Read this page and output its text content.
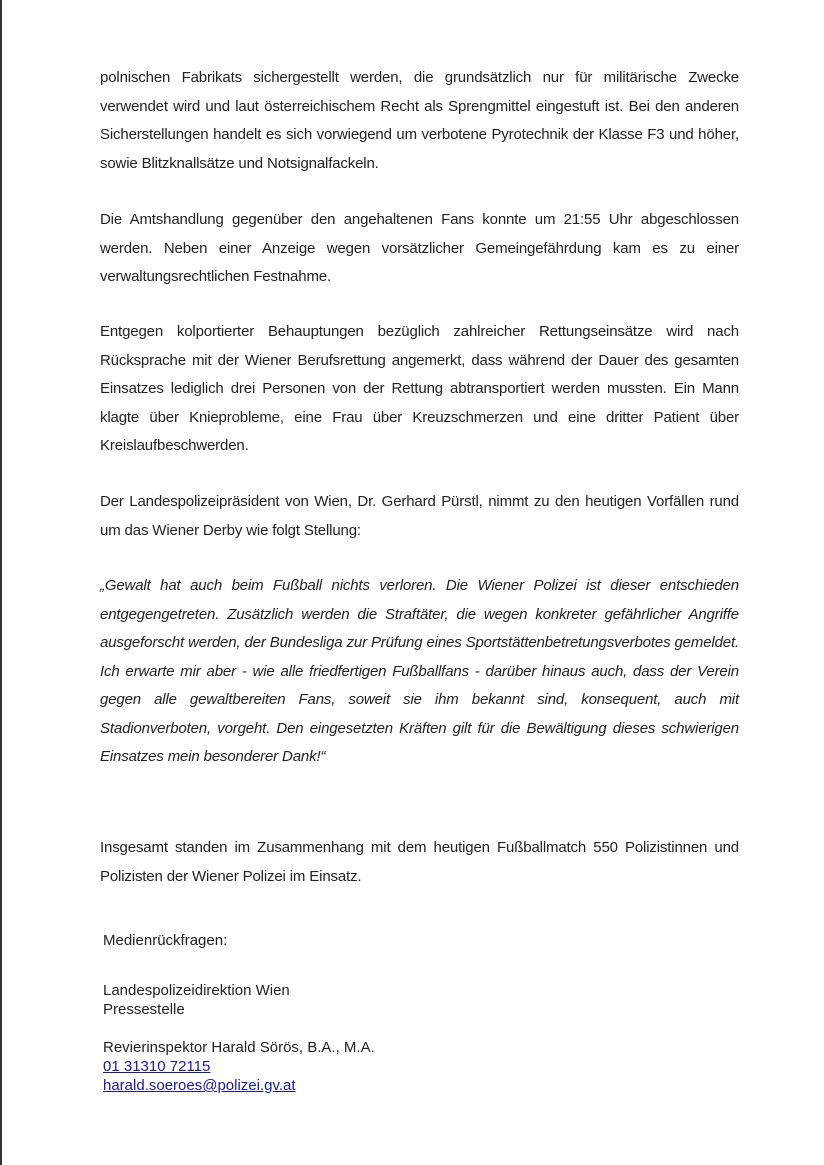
polnischen Fabrikats sichergestellt werden, die grundsätzlich nur für militärische Zwecke verwendet wird und laut österreichischem Recht als Sprengmittel eingestuft ist. Bei den anderen Sicherstellungen handelt es sich vorwiegend um verbotene Pyrotechnik der Klasse F3 und höher, sowie Blitzknallsätze und Notsignalfackeln.

Die Amtshandlung gegenüber den angehaltenen Fans konnte um 21:55 Uhr abgeschlossen werden. Neben einer Anzeige wegen vorsätzlicher Gemeingefährdung kam es zu einer verwaltungsrechtlichen Festnahme.

Entgegen kolportierter Behauptungen bezüglich zahlreicher Rettungseinsätze wird nach Rücksprache mit der Wiener Berufsrettung angemerkt, dass während der Dauer des gesamten Einsatzes lediglich drei Personen von der Rettung abtransportiert werden mussten. Ein Mann klagte über Knieprobleme, eine Frau über Kreuzschmerzen und eine dritter Patient über Kreislaufbeschwerden.

Der Landespolizeipräsident von Wien, Dr. Gerhard Pürstl, nimmt zu den heutigen Vorfällen rund um das Wiener Derby wie folgt Stellung:

„Gewalt hat auch beim Fußball nichts verloren. Die Wiener Polizei ist dieser entschieden entgegengetreten. Zusätzlich werden die Straftäter, die wegen konkreter gefährlicher Angriffe ausgeforscht werden, der Bundesliga zur Prüfung eines Sportstättenbetretungsverbotes gemeldet. Ich erwarte mir aber - wie alle friedfertigen Fußballfans - darüber hinaus auch, dass der Verein gegen alle gewaltbereiten Fans, soweit sie ihm bekannt sind, konsequent, auch mit Stadionverboten, vorgeht. Den eingesetzten Kräften gilt für die Bewältigung dieses schwierigen Einsatzes mein besonderer Dank!“

Insgesamt standen im Zusammenhang mit dem heutigen Fußballmatch 550 Polizistinnen und Polizisten der Wiener Polizei im Einsatz.

Medienrückfragen:

Landespolizeidirektion Wien
Pressestelle
Revierinspektor Harald Sörös, B.A., M.A.
01 31310 72115
harald.soeroes@polizei.gv.at
